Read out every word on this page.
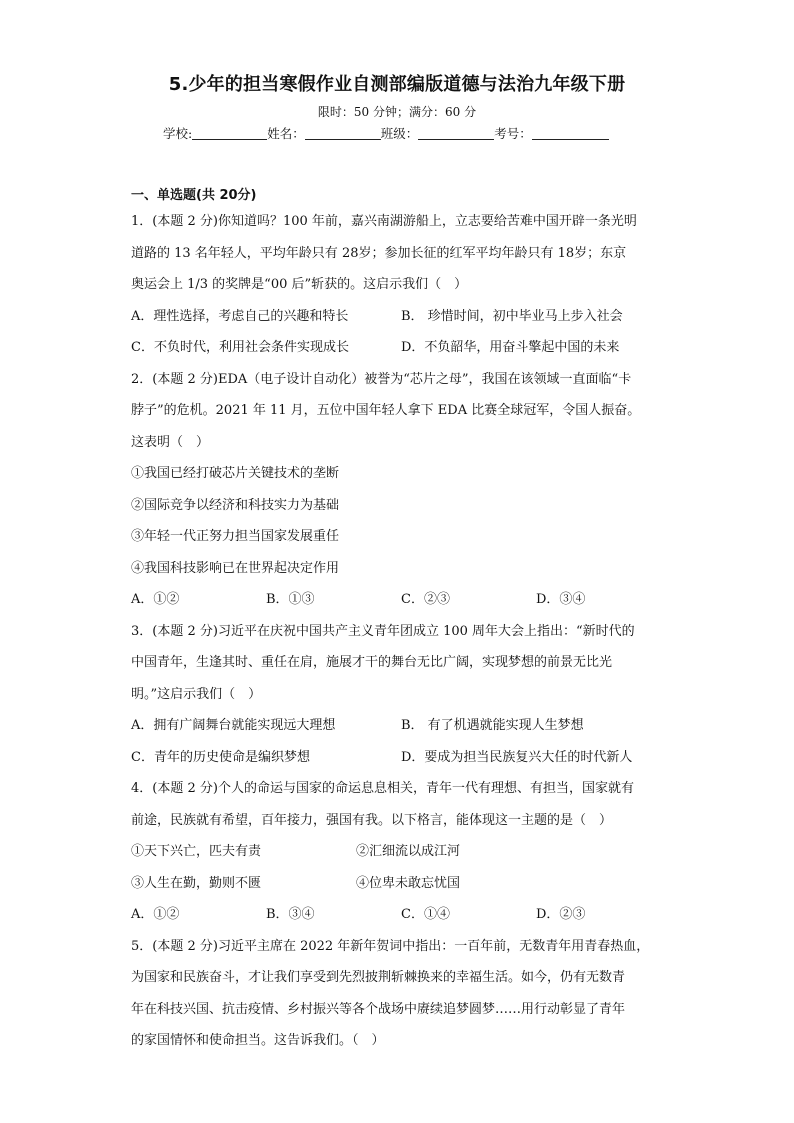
5.少年的担当寒假作业自测部编版道德与法治九年级下册
限时：50 分钟；满分：60 分
学校:	姓名：	班级：	考号：
一、单选题(共 20分)

1．(本题 2 分)你知道吗？100 年前，嘉兴南湖游船上，立志要给苦难中国开辟一条光明

道路的 13 名年轻人，平均年龄只有 28岁；参加长征的红军平均年龄只有 18岁；东京

奥运会上 1/3 的奖牌是“00 后”斩获的。这启示我们（　）

A．理性选择，考虑自己的兴趣和特长	B． 珍惜时间，初中毕业马上步入社会
C．不负时代，利用社会条件实现成长	D．不负韶华，用奋斗擎起中国的未来

2．(本题 2 分)EDA（电子设计自动化）被誉为“芯片之母”，我国在该领域一直面临“卡

脖子”的危机。2021 年 11 月，五位中国年轻人拿下 EDA 比赛全球冠军，令国人振奋。

这表明（　）

①我国已经打破芯片关键技术的垄断

②国际竞争以经济和科技实力为基础

③年轻一代正努力担当国家发展重任

④我国科技影响已在世界起决定作用

A．①②	B．①③	C．②③	D．③④

3．(本题 2 分)习近平在庆祝中国共产主义青年团成立 100 周年大会上指出：“新时代的

中国青年，生逢其时、重任在肩，施展才干的舞台无比广阔，实现梦想的前景无比光

明。”这启示我们（　）

A．拥有广阔舞台就能实现远大理想	B． 有了机遇就能实现人生梦想
C．青年的历史使命是编织梦想	D．要成为担当民族复兴大任的时代新人

4．(本题 2 分)个人的命运与国家的命运息息相关，青年一代有理想、有担当，国家就有

前途，民族就有希望，百年接力，强国有我。以下格言，能体现这一主题的是（　）

①天下兴亡，匹夫有责	②汇细流以成江河
③人生在勤，勤则不匮	④位卑未敢忘忧国
A．①②	B．③④	C．①④	D．②③

5．(本题 2 分)习近平主席在 2022 年新年贺词中指出：一百年前，无数青年用青春热血，

为国家和民族奋斗，才让我们享受到先烈披荆斩棘换来的幸福生活。如今，仍有无数青

年在科技兴国、抗击疫情、乡村振兴等各个战场中赓续追梦圆梦……用行动彰显了青年

的家国情怀和使命担当。这告诉我们。（　）
